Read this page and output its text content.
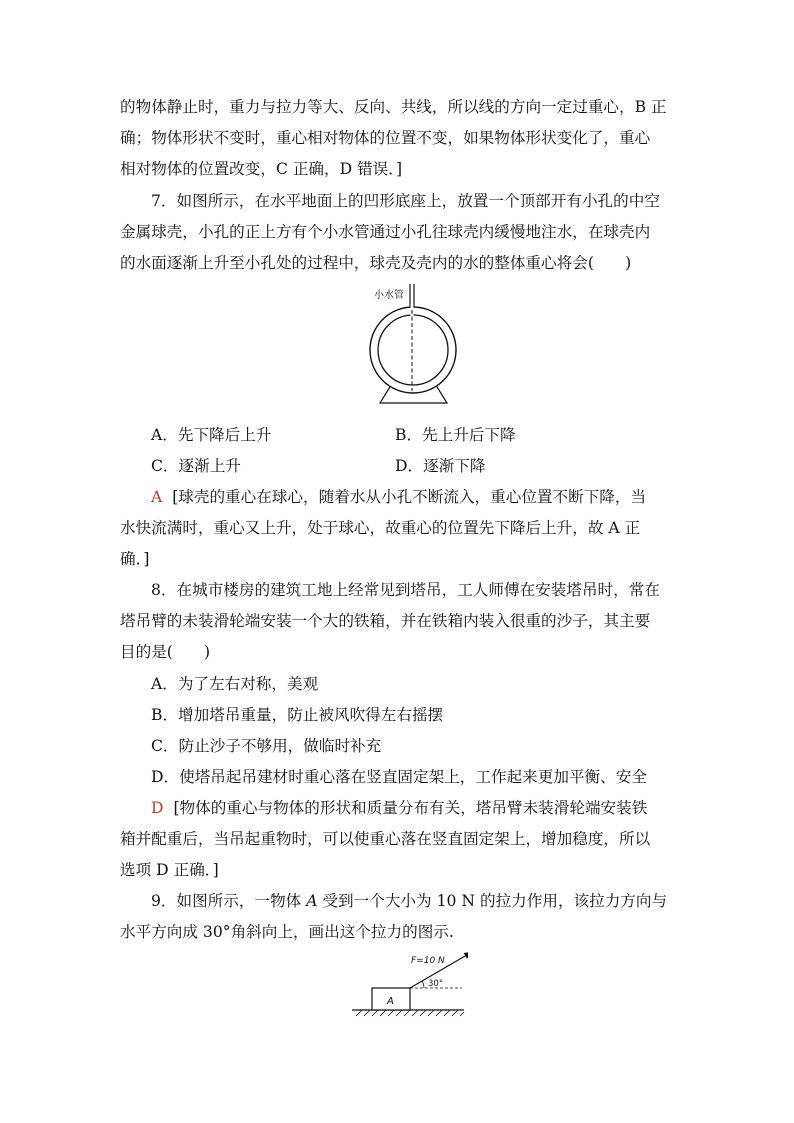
的物体静止时，重力与拉力等大、反向、共线，所以线的方向一定过重心，B 正
确；物体形状不变时，重心相对物体的位置不变，如果物体形状变化了，重心
相对物体的位置改变，C 正确，D 错误．]
7．如图所示，在水平地面上的凹形底座上，放置一个顶部开有小孔的中空
金属球壳，小孔的正上方有个小水管通过小孔往球壳内缓慢地注水，在球壳内
的水面逐渐上升至小孔处的过程中，球壳及壳内的水的整体重心将会(　　)
小水管
A．先下降后上升	B．先上升后下降
C．逐渐上升	D．逐渐下降
A [球壳的重心在球心，随着水从小孔不断流入，重心位置不断下降，当
水快流满时，重心又上升，处于球心，故重心的位置先下降后上升，故 A 正
确．]
8．在城市楼房的建筑工地上经常见到塔吊，工人师傅在安装塔吊时，常在
塔吊臂的未装滑轮端安装一个大的铁箱，并在铁箱内装入很重的沙子，其主要
目的是(　　)
A．为了左右对称，美观
B．增加塔吊重量，防止被风吹得左右摇摆
C．防止沙子不够用，做临时补充
D．使塔吊起吊建材时重心落在竖直固定架上，工作起来更加平衡、安全
D [物体的重心与物体的形状和质量分布有关，塔吊臂未装滑轮端安装铁
箱并配重后，当吊起重物时，可以使重心落在竖直固定架上，增加稳度，所以
选项 D 正确．]
9．如图所示，一物体 A 受到一个大小为 10 N 的拉力作用，该拉力方向与
水平方向成 30°角斜向上，画出这个拉力的图示.
A
F=10 N
30°
